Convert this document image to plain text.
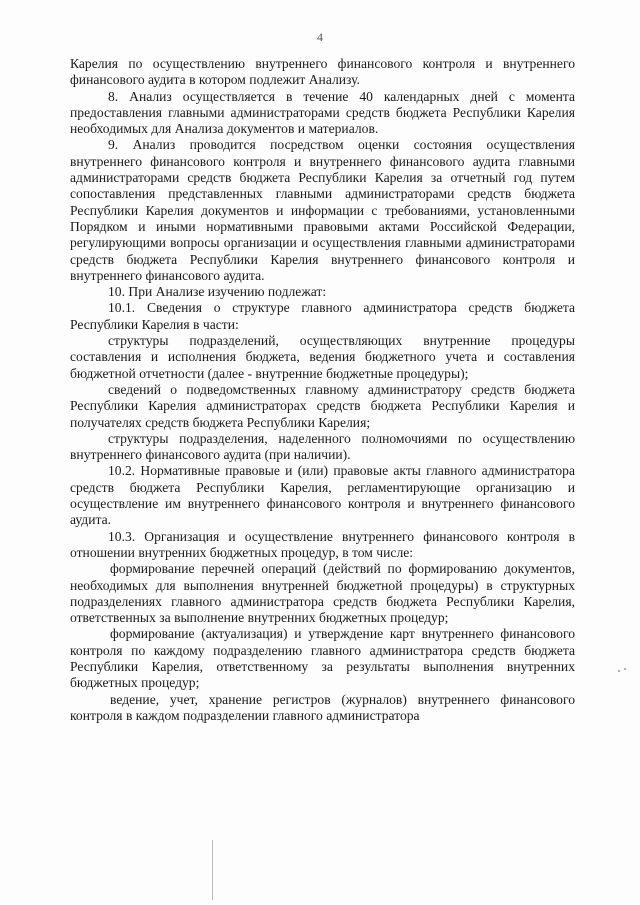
4

Карелия по осуществлению внутреннего финансового контроля и внутреннего финансового аудита в котором подлежит Анализу.

8. Анализ осуществляется в течение 40 календарных дней с момента предоставления главными администраторами средств бюджета Республики Карелия необходимых для Анализа документов и материалов.

9. Анализ проводится посредством оценки состояния осуществления внутреннего финансового контроля и внутреннего финансового аудита главными администраторами средств бюджета Республики Карелия за отчетный год путем сопоставления представленных главными администраторами средств бюджета Республики Карелия документов и информации с требованиями, установленными Порядком и иными нормативными правовыми актами Российской Федерации, регулирующими вопросы организации и осуществления главными администраторами средств бюджета Республики Карелия внутреннего финансового контроля и внутреннего финансового аудита.

10. При Анализе изучению подлежат:

10.1. Сведения о структуре главного администратора средств бюджета Республики Карелия в части:

структуры подразделений, осуществляющих внутренние процедуры составления и исполнения бюджета, ведения бюджетного учета и составления бюджетной отчетности (далее - внутренние бюджетные процедуры);

сведений о подведомственных главному администратору средств бюджета Республики Карелия администраторах средств бюджета Республики Карелия и получателях средств бюджета Республики Карелия;

структуры подразделения, наделенного полномочиями по осуществлению внутреннего финансового аудита (при наличии).

10.2. Нормативные правовые и (или) правовые акты главного администратора средств бюджета Республики Карелия, регламентирующие организацию и осуществление им внутреннего финансового контроля и внутреннего финансового аудита.

10.3. Организация и осуществление внутреннего финансового контроля в отношении внутренних бюджетных процедур, в том числе:

формирование перечней операций (действий по формированию документов, необходимых для выполнения внутренней бюджетной процедуры) в структурных подразделениях главного администратора средств бюджета Республики Карелия, ответственных за выполнение внутренних бюджетных процедур;

формирование (актуализация) и утверждение карт внутреннего финансового контроля по каждому подразделению главного администратора средств бюджета Республики Карелия, ответственному за результаты выполнения внутренних бюджетных процедур;

ведение, учет, хранение регистров (журналов) внутреннего финансового контроля в каждом подразделении главного администратора
